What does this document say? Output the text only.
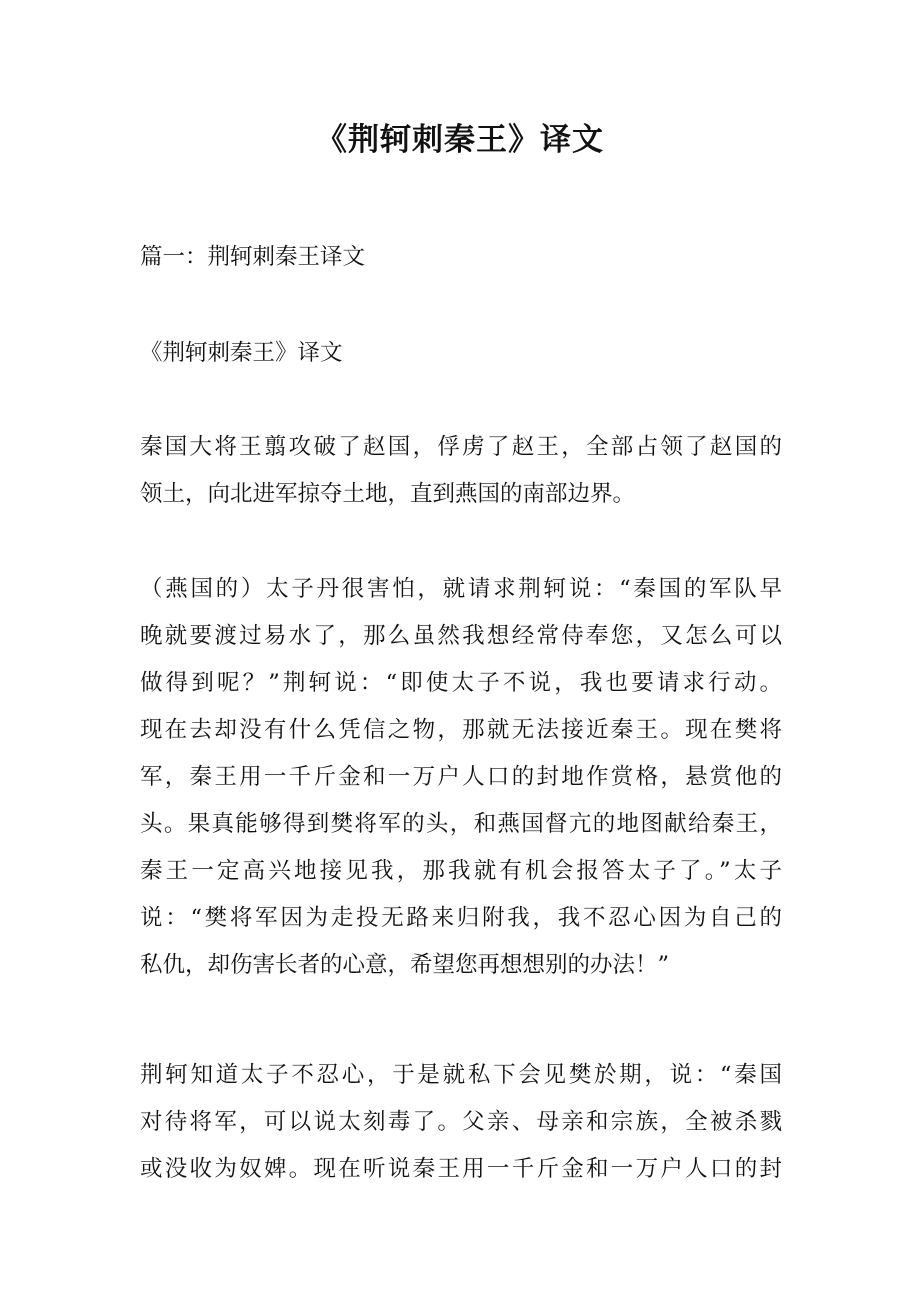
《荆轲刺秦王》译文

篇一：荆轲刺秦王译文

《荆轲刺秦王》译文

秦国大将王翦攻破了赵国，俘虏了赵王，全部占领了赵国的
领土，向北进军掠夺土地，直到燕国的南部边界。

（燕国的）太子丹很害怕，就请求荆轲说：“秦国的军队早
晚就要渡过易水了，那么虽然我想经常侍奉您，又怎么可以
做得到呢？”荆轲说：“即使太子不说，我也要请求行动。
现在去却没有什么凭信之物，那就无法接近秦王。现在樊将
军，秦王用一千斤金和一万户人口的封地作赏格，悬赏他的
头。果真能够得到樊将军的头，和燕国督亢的地图献给秦王，
秦王一定高兴地接见我，那我就有机会报答太子了。”太子
说：“樊将军因为走投无路来归附我，我不忍心因为自己的
私仇，却伤害长者的心意，希望您再想想别的办法！”

荆轲知道太子不忍心，于是就私下会见樊於期，说：“秦国
对待将军，可以说太刻毒了。父亲、母亲和宗族，全被杀戮
或没收为奴婢。现在听说秦王用一千斤金和一万户人口的封
